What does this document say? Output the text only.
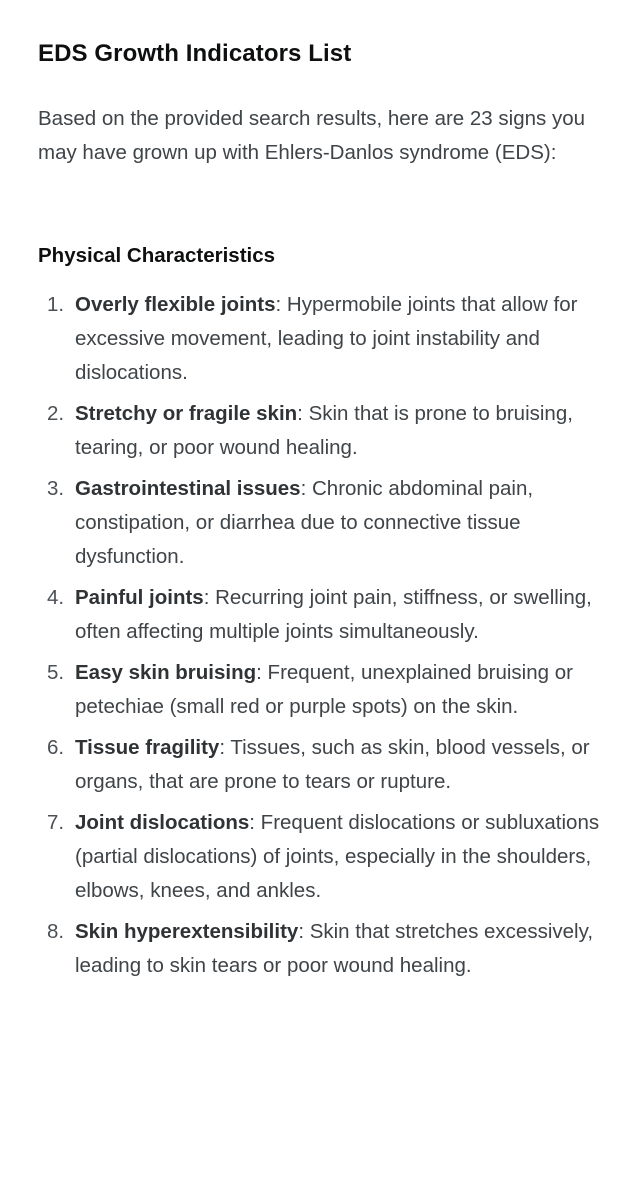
EDS Growth Indicators List

Based on the provided search results, here are 23 signs you may have grown up with Ehlers-Danlos syndrome (EDS):

Physical Characteristics
1. Overly flexible joints: Hypermobile joints that allow for excessive movement, leading to joint instability and dislocations.
2. Stretchy or fragile skin: Skin that is prone to bruising, tearing, or poor wound healing.
3. Gastrointestinal issues: Chronic abdominal pain, constipation, or diarrhea due to connective tissue dysfunction.
4. Painful joints: Recurring joint pain, stiffness, or swelling, often affecting multiple joints simultaneously.
5. Easy skin bruising: Frequent, unexplained bruising or petechiae (small red or purple spots) on the skin.
6. Tissue fragility: Tissues, such as skin, blood vessels, or organs, that are prone to tears or rupture.
7. Joint dislocations: Frequent dislocations or subluxations (partial dislocations) of joints, especially in the shoulders, elbows, knees, and ankles.
8. Skin hyperextensibility: Skin that stretches excessively, leading to skin tears or poor wound healing.
